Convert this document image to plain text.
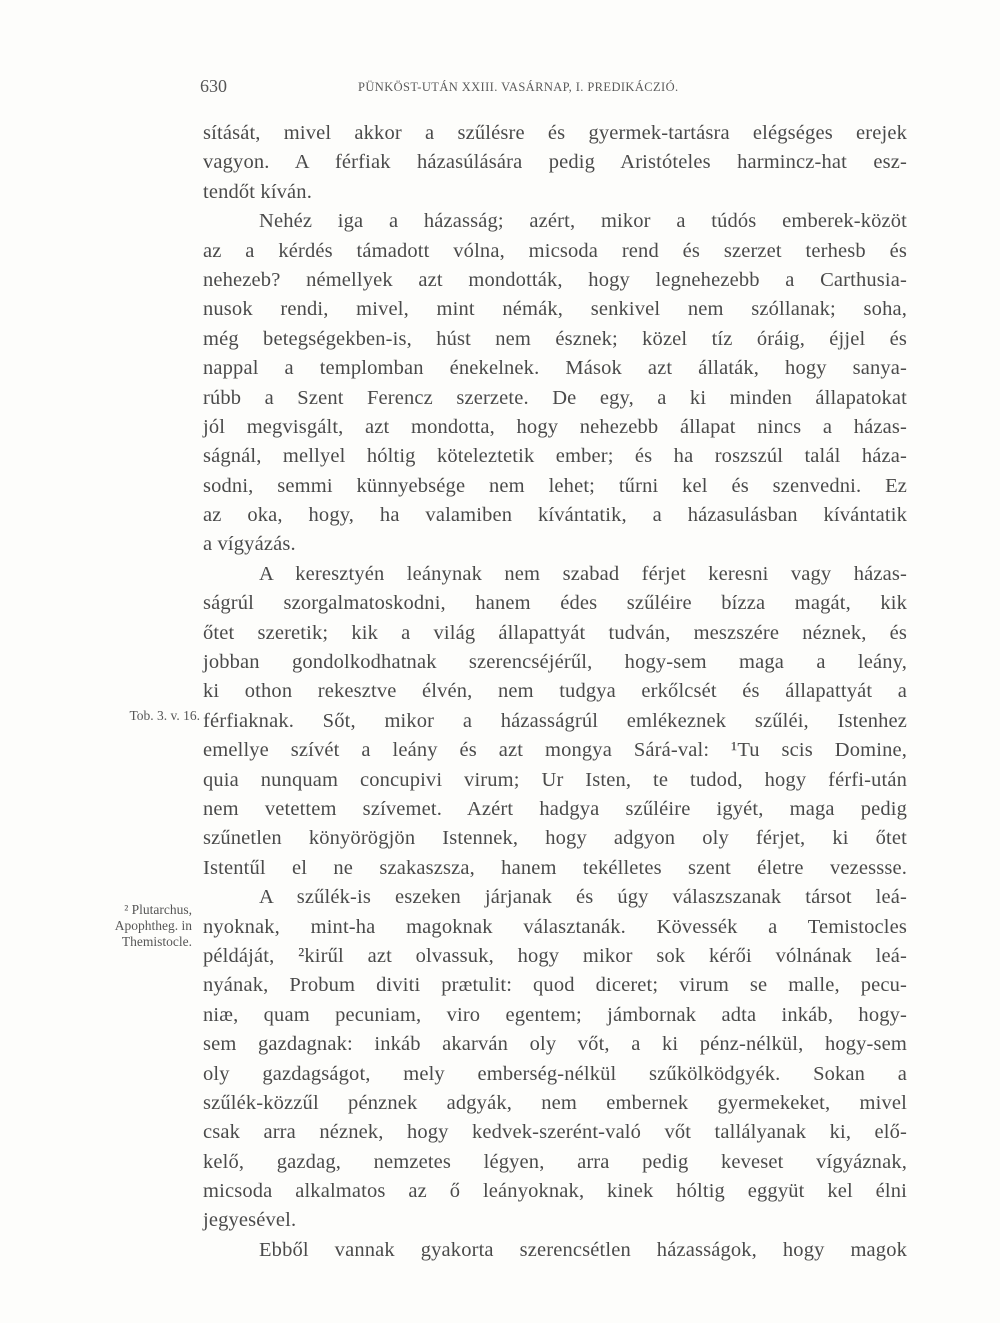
630	PÜNKÖST-UTÁN XXIII. VASÁRNAP, I. PREDIKÁCZIÓ.
sítását, mivel akkor a szűlésre és gyermek-tartásra elégséges erejek
vagyon. A férfiak házasúlására pedig Aristóteles harmincz-hat esz-
tendőt kíván.
Nehéz iga a házasság; azért, mikor a túdós emberek-közöt
az a kérdés támadott vólna, micsoda rend és szerzet terhesb és
nehezeb? némellyek azt mondották, hogy legnehezebb a Carthusia-
nusok rendi, mivel, mint némák, senkivel nem szóllanak; soha,
még betegségekben-is, húst nem észnek; közel tíz óráig, éjjel és
nappal a templomban énekelnek. Mások azt állaták, hogy sanya-
rúbb a Szent Ferencz szerzete. De egy, a ki minden állapatokat
jól megvisgált, azt mondotta, hogy nehezebb állapat nincs a házas-
ságnál, mellyel hóltig köteleztetik ember; és ha roszszúl talál háza-
sodni, semmi künnyebsége nem lehet; tűrni kel és szenvedni. Ez
az oka, hogy, ha valamiben kívántatik, a házasulásban kívántatik
a vígyázás.
A keresztyén leánynak nem szabad férjet keresni vagy házas-
ságrúl szorgalmatoskodni, hanem édes szűléire bízza magát, kik
őtet szeretik; kik a világ állapattyát tudván, meszszére néznek, és
jobban gondolkodhatnak szerencséjérűl, hogy-sem maga a leány,
ki othon rekesztve élvén, nem tudgya erkőlcsét és állapattyát a
férfiaknak. Sőt, mikor a házasságrúl emlékeznek szűléi, Istenhez
emellye szívét a leány és azt mongya Sárá-val: ¹Tu scis Domine,
quia nunquam concupivi virum; Ur Isten, te tudod, hogy férfi-után
nem vetettem szívemet. Azért hadgya szűléire igyét, maga pedig
szűnetlen könyörögjön Istennek, hogy adgyon oly férjet, ki őtet
Istentűl el ne szakaszsza, hanem tekélletes szent életre vezessse.
A szűlék-is eszeken járjanak és úgy válaszszanak társot leá-
nyoknak, mint-ha magoknak választanák. Kövessék a Temistocles
példáját, ²kirűl azt olvassuk, hogy mikor sok kérői vólnának leá-
nyának, Probum diviti prætulit: quod diceret; virum se malle, pecu-
niæ, quam pecuniam, viro egentem; jámbornak adta inkáb, hogy-
sem gazdagnak: inkáb akarván oly vőt, a ki pénz-nélkül, hogy-sem
oly gazdagságot, mely emberség-nélkül szűkölködgyék. Sokan a
szűlék-közzűl pénznek adgyák, nem embernek gyermekeket, mivel
csak arra néznek, hogy kedvek-szerént-való vőt tallályanak ki, elő-
kelő, gazdag, nemzetes légyen, arra pedig keveset vígyáznak,
micsoda alkalmatos az ő leányoknak, kinek hóltig eggyüt kel élni
jegyesével.
Ebből vannak gyakorta szerencsétlen házasságok, hogy magok
Tob. 3. v. 16.
² Plutarchus,
Apophtheg. in
Themistocle.
